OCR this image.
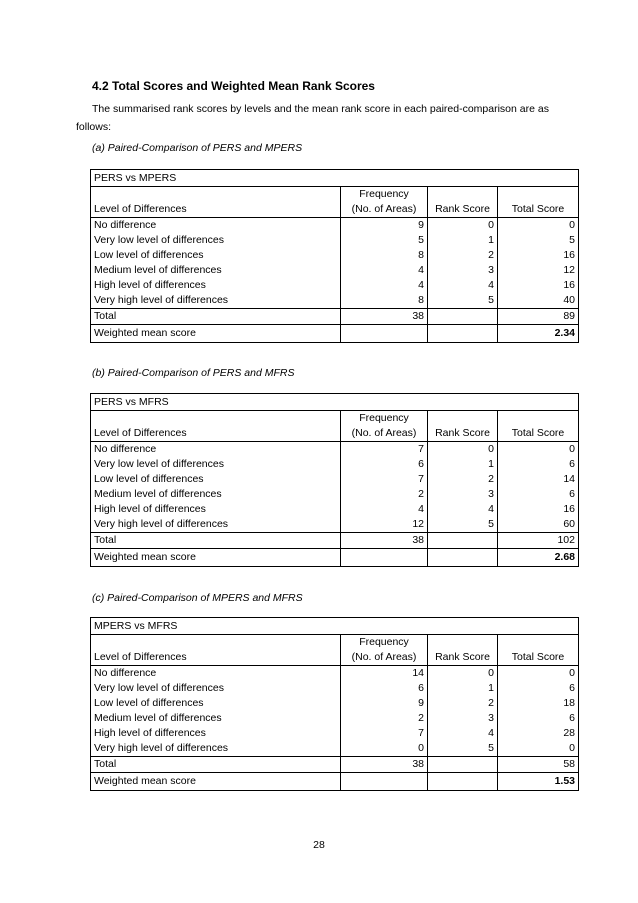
4.2 Total Scores and Weighted Mean Rank Scores
The summarised rank scores by levels and the mean rank score in each paired-comparison are as
follows:
(a) Paired-Comparison of PERS and MPERS
PERS vs MPERS			
	Frequency		
Level of Differences	(No. of Areas)	Rank Score	Total Score
No difference	9	0	0
Very low level of differences	5	1	5
Low level of differences	8	2	16
Medium level of differences	4	3	12
High level of differences	4	4	16
Very high level of differences	8	5	40
Total	38		89
Weighted mean score			2.34
(b) Paired-Comparison of PERS and MFRS
PERS vs MFRS			
	Frequency		
Level of Differences	(No. of Areas)	Rank Score	Total Score
No difference	7	0	0
Very low level of differences	6	1	6
Low level of differences	7	2	14
Medium level of differences	2	3	6
High level of differences	4	4	16
Very high level of differences	12	5	60
Total	38		102
Weighted mean score			2.68
(c) Paired-Comparison of MPERS and MFRS
MPERS vs MFRS			
	Frequency		
Level of Differences	(No. of Areas)	Rank Score	Total Score
No difference	14	0	0
Very low level of differences	6	1	6
Low level of differences	9	2	18
Medium level of differences	2	3	6
High level of differences	7	4	28
Very high level of differences	0	5	0
Total	38		58
Weighted mean score			1.53
28
